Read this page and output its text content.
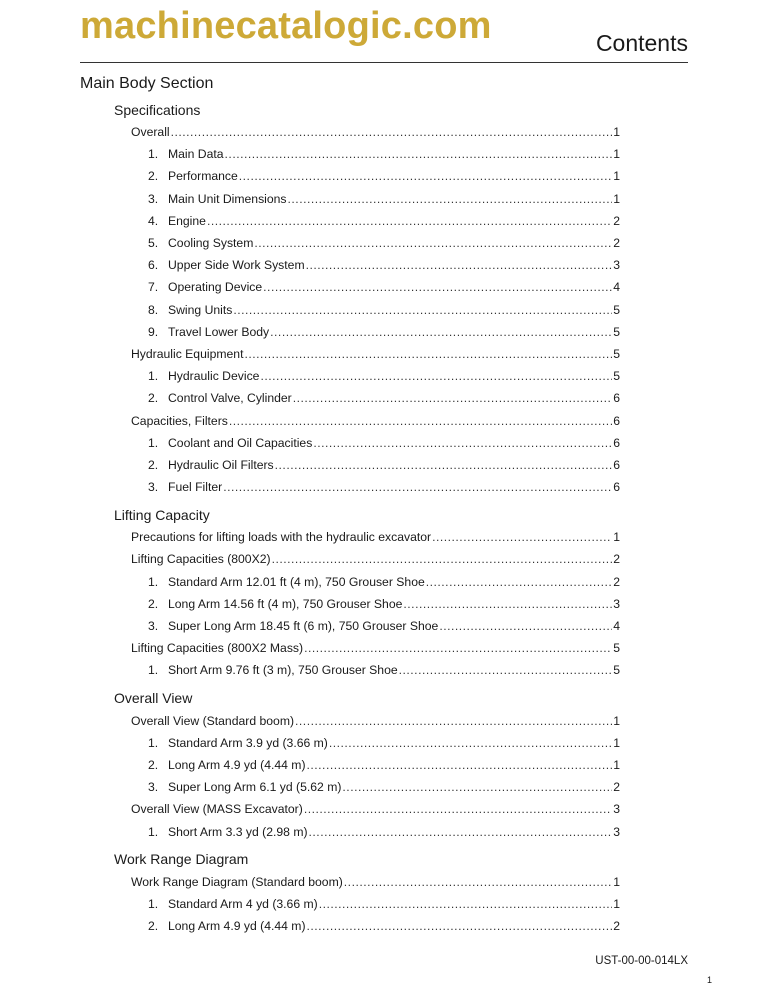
machinecatalogic.com	Contents
Main Body Section
Specifications
Overall .....	1
1. Main Data .....	1
2. Performance .....	1
3. Main Unit Dimensions .....	1
4. Engine .....	2
5. Cooling System .....	2
6. Upper Side Work System .....	3
7. Operating Device .....	4
8. Swing Units .....	5
9. Travel Lower Body .....	5
Hydraulic Equipment .....	5
1. Hydraulic Device .....	5
2. Control Valve, Cylinder .....	6
Capacities, Filters .....	6
1. Coolant and Oil Capacities .....	6
2. Hydraulic Oil Filters .....	6
3. Fuel Filter .....	6
Lifting Capacity
Precautions for lifting loads with the hydraulic excavator .....	1
Lifting Capacities (800X2) .....	2
1. Standard Arm 12.01 ft (4 m), 750 Grouser Shoe .....	2
2. Long Arm 14.56 ft (4 m), 750 Grouser Shoe .....	3
3. Super Long Arm 18.45 ft (6 m), 750 Grouser Shoe .....	4
Lifting Capacities (800X2 Mass) .....	5
1. Short Arm 9.76 ft (3 m), 750 Grouser Shoe .....	5
Overall View
Overall View (Standard boom) .....	1
1. Standard Arm 3.9 yd (3.66 m) .....	1
2. Long Arm 4.9 yd (4.44 m) .....	1
3. Super Long Arm 6.1 yd (5.62 m) .....	2
Overall View (MASS Excavator) .....	3
1. Short Arm 3.3 yd (2.98 m) .....	3
Work Range Diagram
Work Range Diagram (Standard boom) .....	1
1. Standard Arm 4 yd (3.66 m) .....	1
2. Long Arm 4.9 yd (4.44 m) .....	2
UST-00-00-014LX
1
